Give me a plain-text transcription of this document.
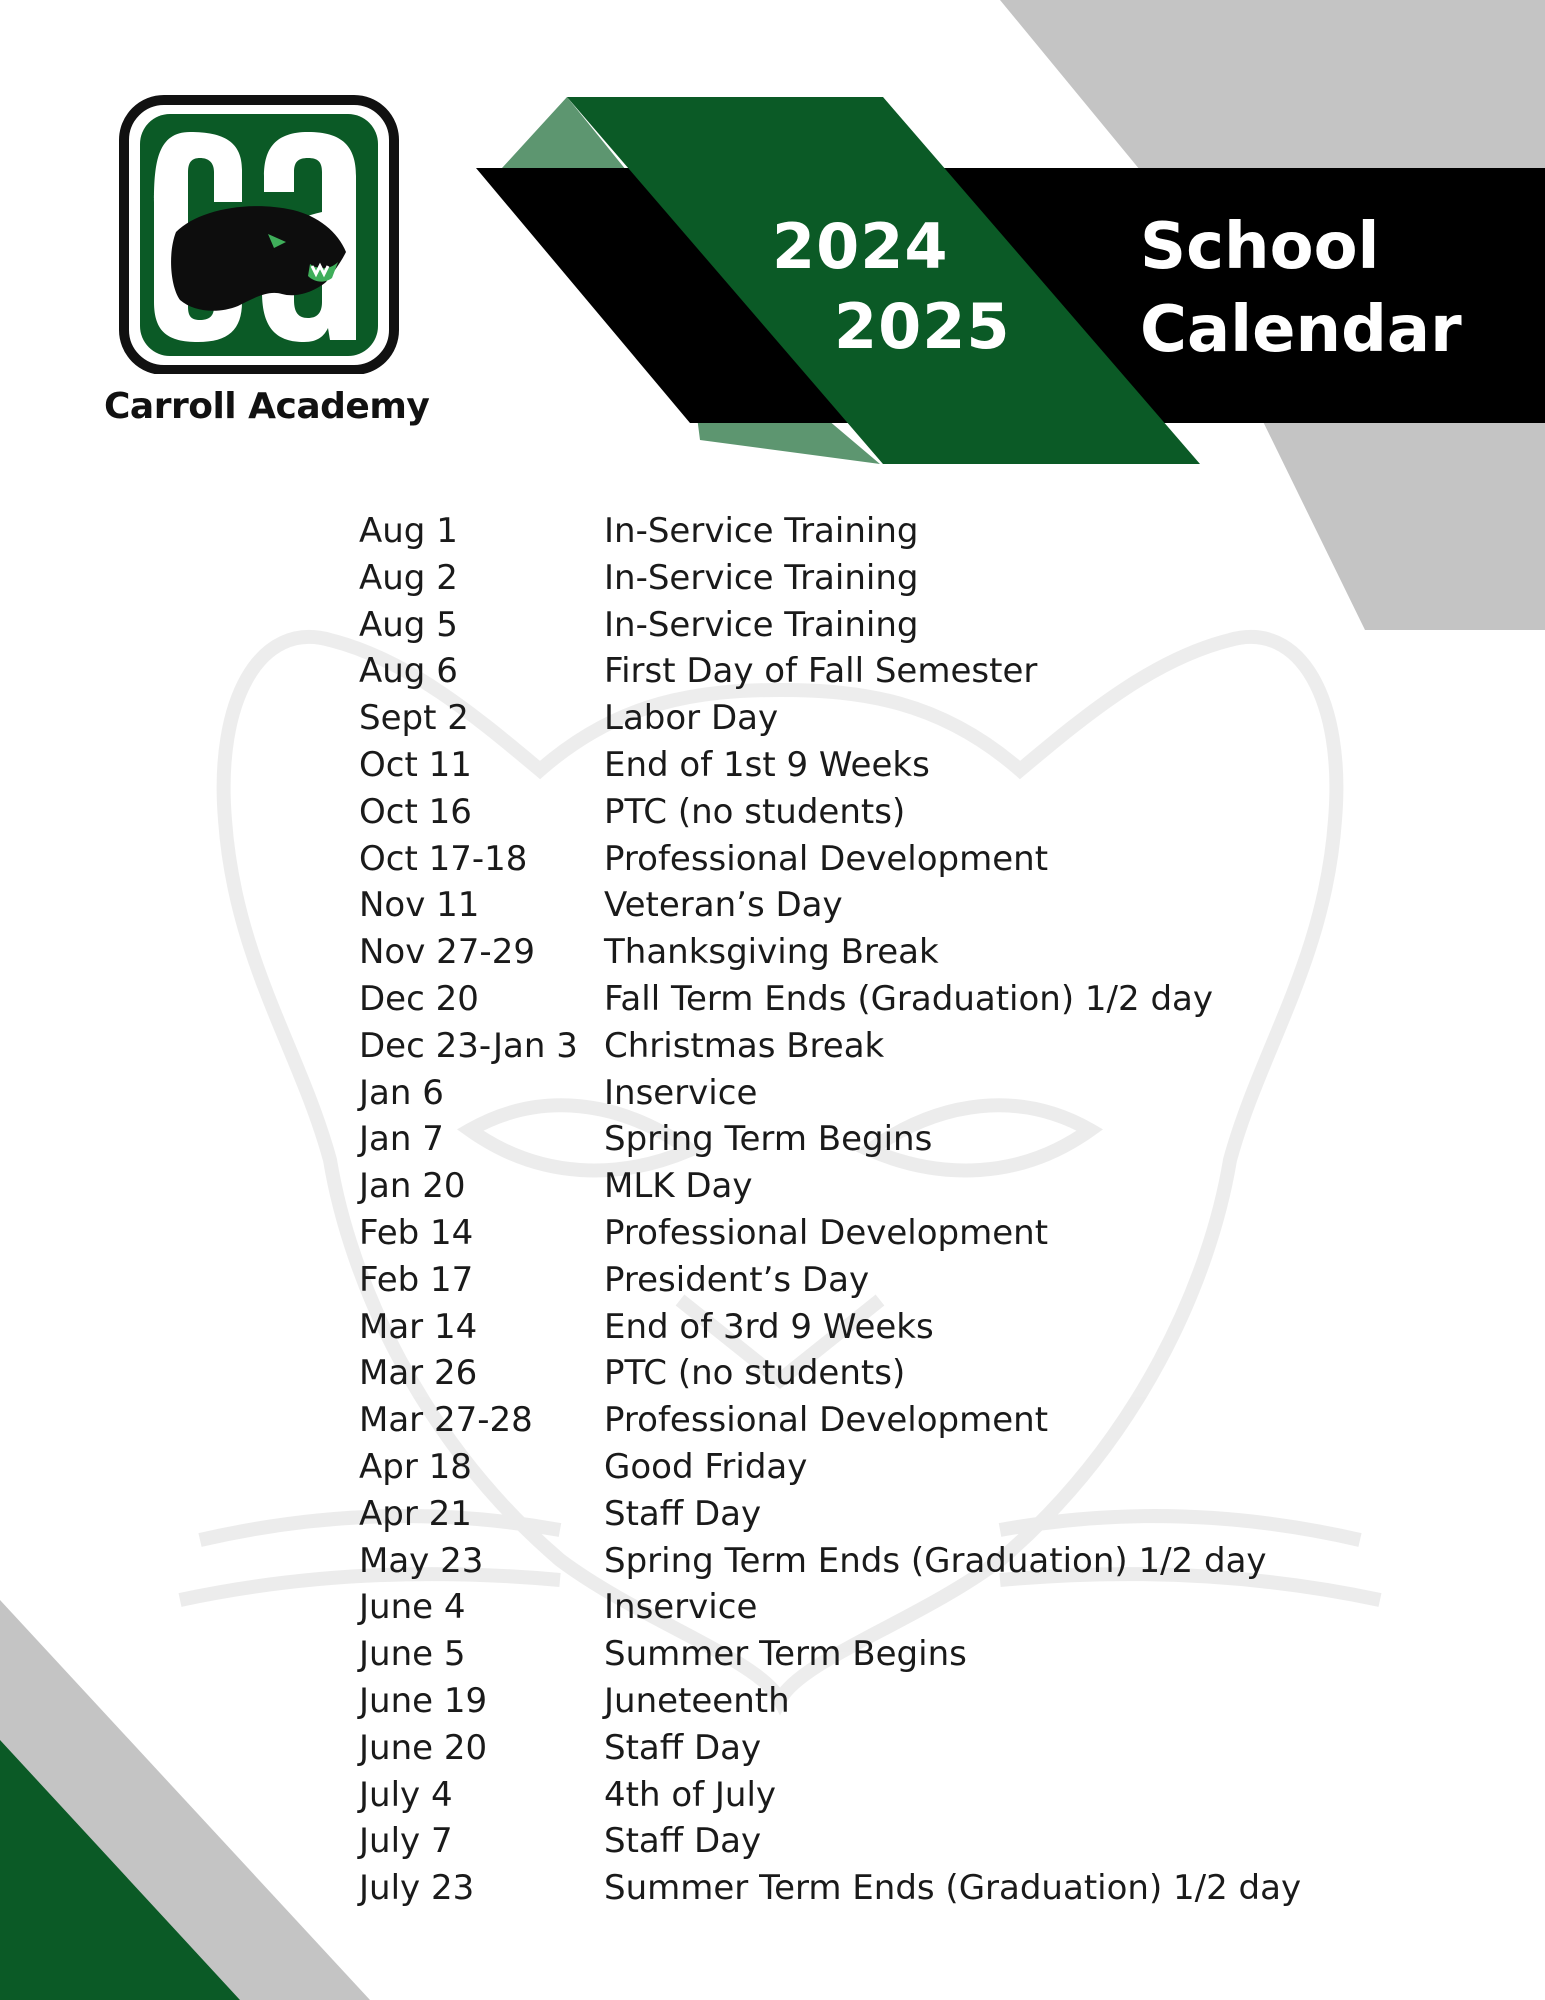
Carroll Academy
2024
2025
School
Calendar
Aug 1	In-Service Training
Aug 2	In-Service Training
Aug 5	In-Service Training
Aug 6	First Day of Fall Semester
Sept 2	Labor Day
Oct 11	End of 1st 9 Weeks
Oct 16	PTC (no students)
Oct 17-18 Professional Development
Nov 11	Veteran’s Day
Nov 27-29 Thanksgiving Break
Dec 20	Fall Term Ends (Graduation) 1/2 day
Dec 23-Jan 3 Christmas Break
Jan 6	Inservice
Jan 7	Spring Term Begins
Jan 20	MLK Day
Feb 14	Professional Development
Feb 17	President’s Day
Mar 14	End of 3rd 9 Weeks
Mar 26	PTC (no students)
Mar 27-28 Professional Development
Apr 18	Good Friday
Apr 21	Staff Day
May 23	Spring Term Ends (Graduation) 1/2 day
June 4	Inservice
June 5	Summer Term Begins
June 19	Juneteenth
June 20	Staff Day
July 4	4th of July
July 7	Staff Day
July 23	Summer Term Ends (Graduation) 1/2 day
